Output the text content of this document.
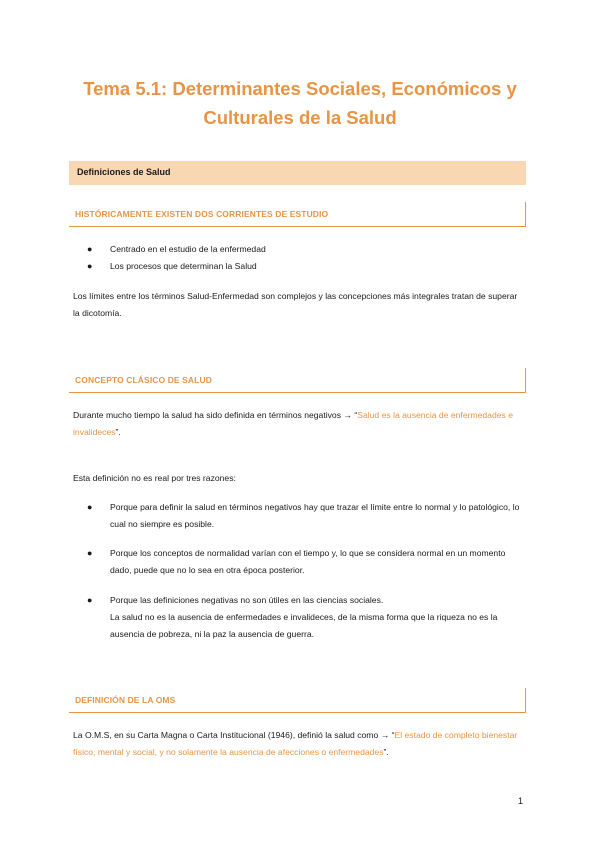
Tema 5.1: Determinantes Sociales, Económicos y Culturales de la Salud
Definiciones de Salud
HISTÓRICAMENTE EXISTEN DOS CORRIENTES DE ESTUDIO
● Centrado en el estudio de la enfermedad
● Los procesos que determinan la Salud

Los límites entre los términos Salud-Enfermedad son complejos y las concepciones más integrales tratan de superar la dicotomía.

CONCEPTO CLÁSICO DE SALUD

Durante mucho tiempo la salud ha sido definida en términos negativos → “Salud es la ausencia de enfermedades e invalideces”.

Esta definición no es real por tres razones:

● Porque para definir la salud en términos negativos hay que trazar el límite entre lo normal y lo patológico, lo cual no siempre es posible.
● Porque los conceptos de normalidad varían con el tiempo y, lo que se considera normal en un momento dado, puede que no lo sea en otra época posterior.
● Porque las definiciones negativas no son útiles en las ciencias sociales.
La salud no es la ausencia de enfermedades e invalideces, de la misma forma que la riqueza no es la ausencia de pobreza, ni la paz la ausencia de guerra.
DEFINICIÓN DE LA OMS

La O.M.S, en su Carta Magna o Carta Institucional (1946), definió la salud como → “El estado de completo bienestar físico, mental y social, y no solamente la ausencia de afecciones o enfermedades”.

1
